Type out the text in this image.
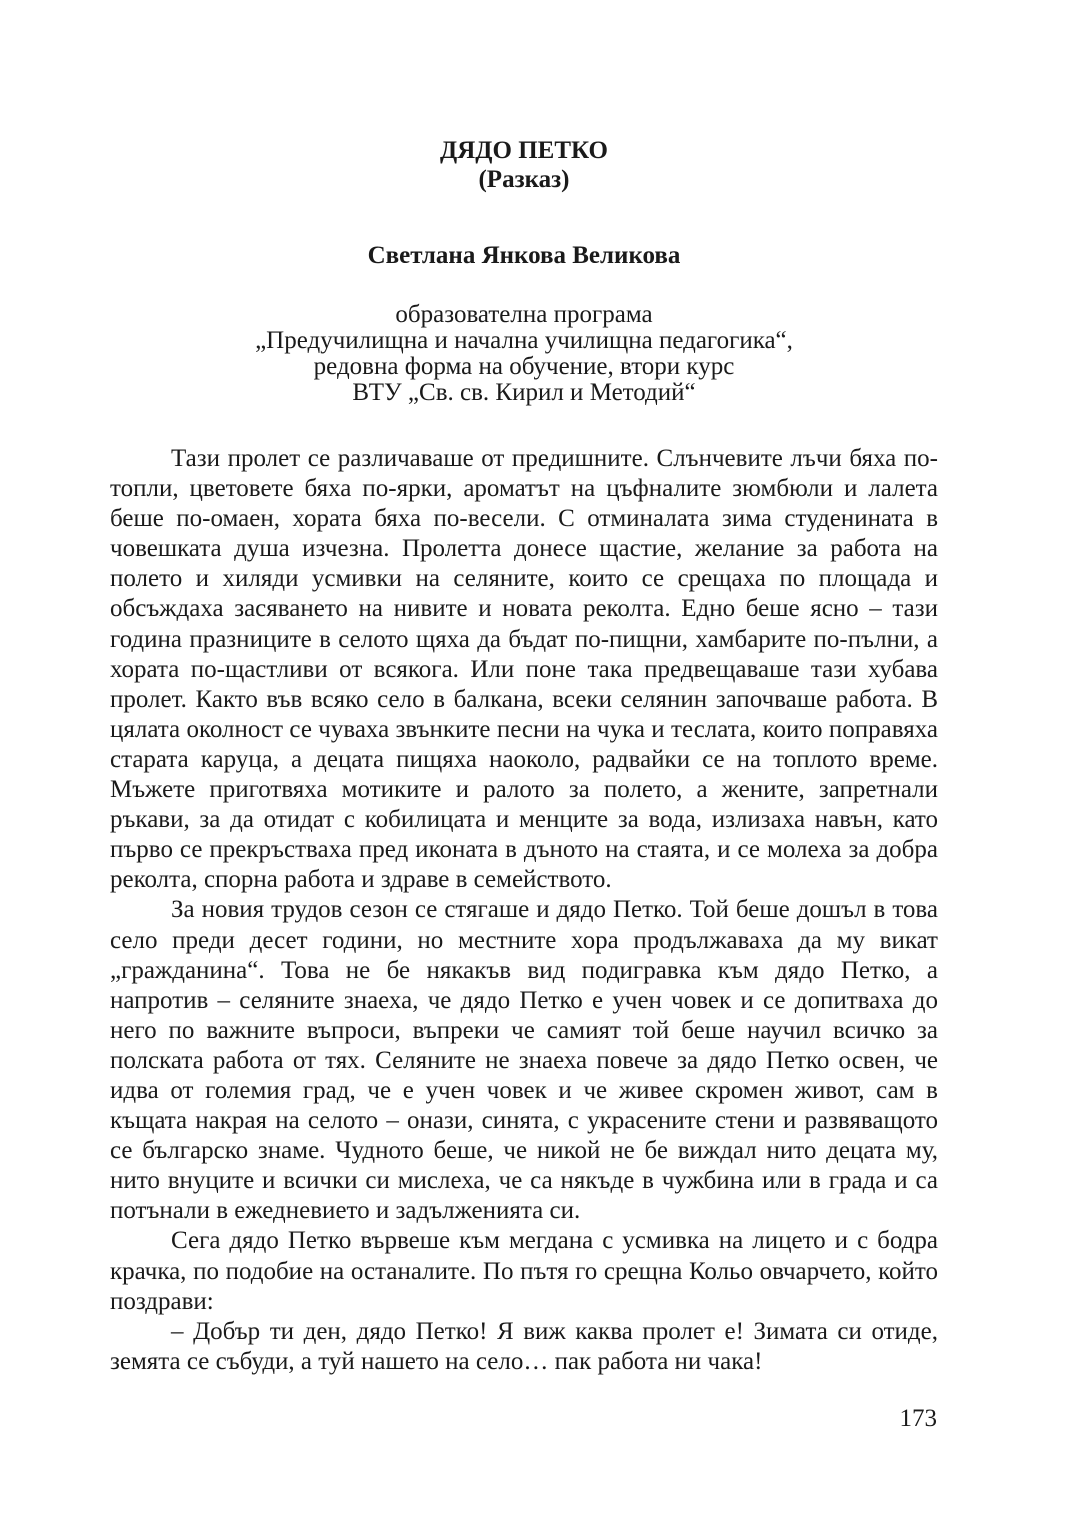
ДЯДО ПЕТКО
(Разказ)
Светлана Янкова Великова
образователна програма
„Предучилищна и начална училищна педагогика“,
редовна форма на обучение, втори курс
ВТУ „Св. св. Кирил и Методий“

Тази пролет се различаваше от предишните. Слънчевите лъчи бяха по-топли, цветовете бяха по-ярки, ароматът на цъфналите зюмбюли и лалета беше по-омаен, хората бяха по-весели. С отминалата зима студенината в човешката душа изчезна. Пролетта донесе щастие, желание за работа на полето и хиляди усмивки на селяните, които се срещаха по площада и обсъждаха засяването на нивите и новата реколта. Едно беше ясно – тази година празниците в селото щяха да бъдат по-пищни, хамбарите по-пълни, а хората по-щастливи от всякога. Или поне така предвещаваше тази хубава пролет. Както във всяко село в балкана, всеки селянин започваше работа. В цялата околност се чуваха звънките песни на чука и теслата, които поправяха старата каруца, а децата пищяха наоколо, радвайки се на топлото време. Мъжете приготвяха мотиките и ралото за полето, а жените, запретнали ръкави, за да отидат с кобилицата и менците за вода, излизаха навън, като първо се прекръстваха пред иконата в дъното на стаята, и се молеха за добра реколта, спорна работа и здраве в семейството.

За новия трудов сезон се стягаше и дядо Петко. Той беше дошъл в това село преди десет години, но местните хора продължаваха да му викат „гражданина“. Това не бе някакъв вид подигравка към дядо Петко, а напротив – селяните знаеха, че дядо Петко е учен човек и се допитваха до него по важните въпроси, въпреки че самият той беше научил всичко за полската работа от тях. Селяните не знаеха повече за дядо Петко освен, че идва от големия град, че е учен човек и че живее скромен живот, сам в къщата накрая на селото – онази, синята, с украсените стени и развяващото се българско знаме. Чудното беше, че никой не бе виждал нито децата му, нито внуците и всички си мислеха, че са някъде в чужбина или в града и са потънали в ежедневието и задълженията си.

Сега дядо Петко вървеше към мегдана с усмивка на лицето и с бодра крачка, по подобие на останалите. По пътя го срещна Кольо овчарчето, който поздрави:

– Добър ти ден, дядо Петко! Я виж каква пролет е! Зимата си отиде, земята се събуди, а туй нашето на село… пак работа ни чака!

173
